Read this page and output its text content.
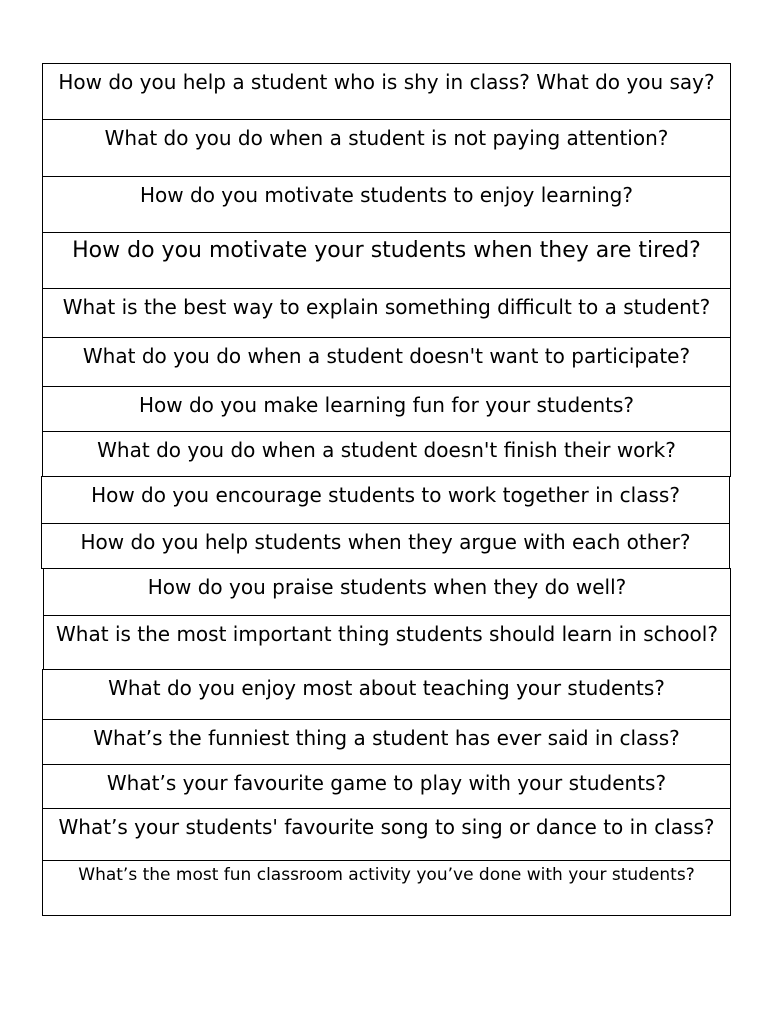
How do you help a student who is shy in class? What do you say?
What do you do when a student is not paying attention?
How do you motivate students to enjoy learning?
How do you motivate your students when they are tired?
What is the best way to explain something difficult to a student?
What do you do when a student doesn't want to participate?
How do you make learning fun for your students?
What do you do when a student doesn't finish their work?
How do you encourage students to work together in class?
How do you help students when they argue with each other?
How do you praise students when they do well?
What is the most important thing students should learn in school?
What do you enjoy most about teaching your students?
What’s the funniest thing a student has ever said in class?
What’s your favourite game to play with your students?
What’s your students' favourite song to sing or dance to in class?
What’s the most fun classroom activity you’ve done with your students?
